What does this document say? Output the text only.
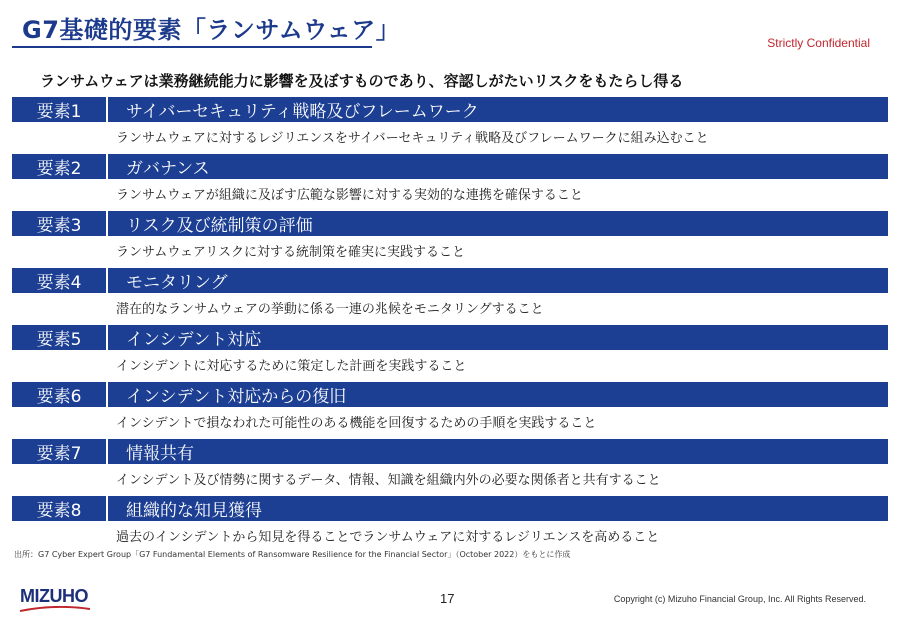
G7基礎的要素「ランサムウェア」	Strictly Confidential
ランサムウェアは業務継続能力に影響を及ぼすものであり、容認しがたいリスクをもたらし得る
要素1	サイバーセキュリティ戦略及びフレームワーク
ランサムウェアに対するレジリエンスをサイバーセキュリティ戦略及びフレームワークに組み込むこと
要素2	ガバナンス
ランサムウェアが組織に及ぼす広範な影響に対する実効的な連携を確保すること
要素3	リスク及び統制策の評価
ランサムウェアリスクに対する統制策を確実に実践すること
要素4	モニタリング
潜在的なランサムウェアの挙動に係る一連の兆候をモニタリングすること
要素5	インシデント対応
インシデントに対応するために策定した計画を実践すること
要素6	インシデント対応からの復旧
インシデントで損なわれた可能性のある機能を回復するための手順を実践すること
要素7	情報共有
インシデント及び情勢に関するデータ、情報、知識を組織内外の必要な関係者と共有すること
要素8	組織的な知見獲得
過去のインシデントから知見を得ることでランサムウェアに対するレジリエンスを高めること
出所：G7 Cyber Expert Group「G7 Fundamental Elements of Ransomware Resilience for the Financial Sector」（October 2022）をもとに作成
MIZUHO	17	Copyright (c) Mizuho Financial Group, Inc. All Rights Reserved.
